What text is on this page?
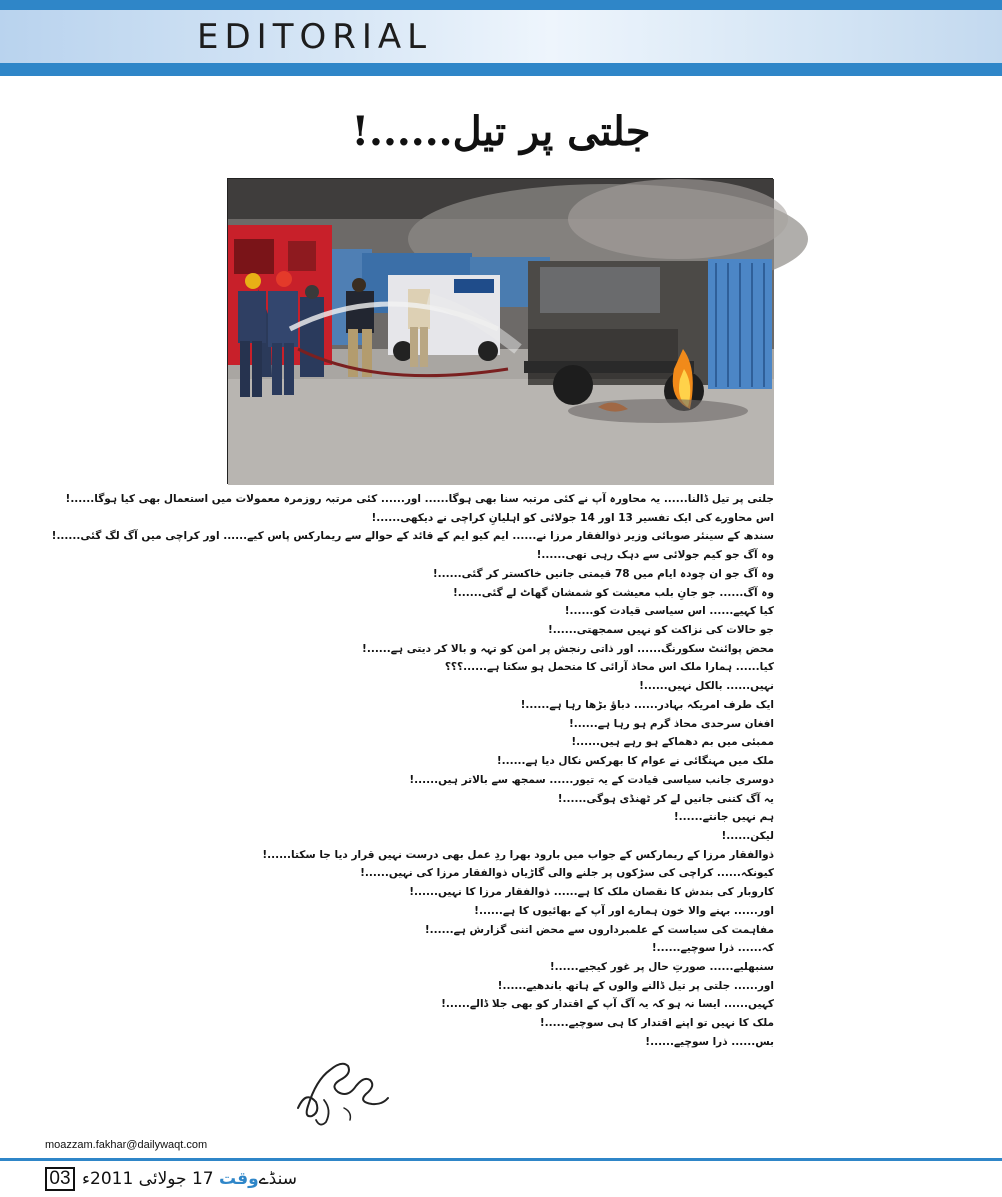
EDITORIAL
جلتی پر تیل......!
جلتی پر تیل ڈالنا...... یہ محاورہ آپ نے کئی مرتبہ سنا بھی ہوگا...... اور...... کئی مرتبہ روزمرہ معمولات میں استعمال بھی کیا ہوگا......!
اس محاورے کی ایک تفسیر 13 اور 14 جولائی کو اہلیانِ کراچی نے دیکھی......!
سندھ کے سینئر صوبائی وزیر ذوالفقار مرزا نے...... ایم کیو ایم کے قائد کے حوالے سے ریمارکس پاس کیے...... اور کراچی میں آگ لگ گئی......!
وہ آگ جو کیم جولائی سے دہک رہی تھی......!
وہ آگ جو ان چودہ ایام میں 78 قیمتی جانیں خاکستر کر گئی......!
وہ آگ...... جو جانِ بلب معیشت کو شمشان گھاٹ لے گئی......!
کیا کہیے...... اس سیاسی قیادت کو......!
جو حالات کی نزاکت کو نہیں سمجھتی......!
محض پوائنٹ سکورنگ...... اور ذاتی رنجش پر امن کو تہہ و بالا کر دیتی ہے......!
کیا...... ہمارا ملک اس محاذ آرائی کا متحمل ہو سکتا ہے......؟؟؟
نہیں...... بالکل نہیں......!
ایک طرف امریکہ بہادر...... دباؤ بڑھا رہا ہے......!
افغان سرحدی محاذ گرم ہو رہا ہے......!
ممبئی میں بم دھماکے ہو رہے ہیں......!
ملک میں مہنگائی نے عوام کا بھرکس نکال دیا ہے......!
دوسری جانب سیاسی قیادت کے یہ تیور...... سمجھ سے بالاتر ہیں......!
یہ آگ کتنی جانیں لے کر ٹھنڈی ہوگی......!
ہم نہیں جانتے......!
لیکن......!
ذوالفقار مرزا کے ریمارکس کے جواب میں بارود بھرا ردِ عمل بھی درست نہیں قرار دیا جا سکتا......!
کیونکہ...... کراچی کی سڑکوں پر جلنے والی گاڑیاں ذوالفقار مرزا کی نہیں......!
کاروبار کی بندش کا نقصان ملک کا ہے...... ذوالفقار مرزا کا نہیں......!
اور...... بہنے والا خون ہمارے اور آپ کے بھائیوں کا ہے......!
مفاہمت کی سیاست کے علمبرداروں سے محض اتنی گزارش ہے......!
کہ...... ذرا سوچیے......!
سنبھلیے...... صورتِ حال پر غور کیجیے......!
اور...... جلتی پر تیل ڈالنے والوں کے ہاتھ باندھیے......!
کہیں...... ایسا نہ ہو کہ یہ آگ آپ کے اقتدار کو بھی جلا ڈالے......!
ملک کا نہیں تو اپنے اقتدار کا ہی سوچیے......!
بس...... ذرا سوچیے......!
moazzam.fakhar@dailywaqt.com
03	سنڈےوقت 17 جولائی 2011ء
